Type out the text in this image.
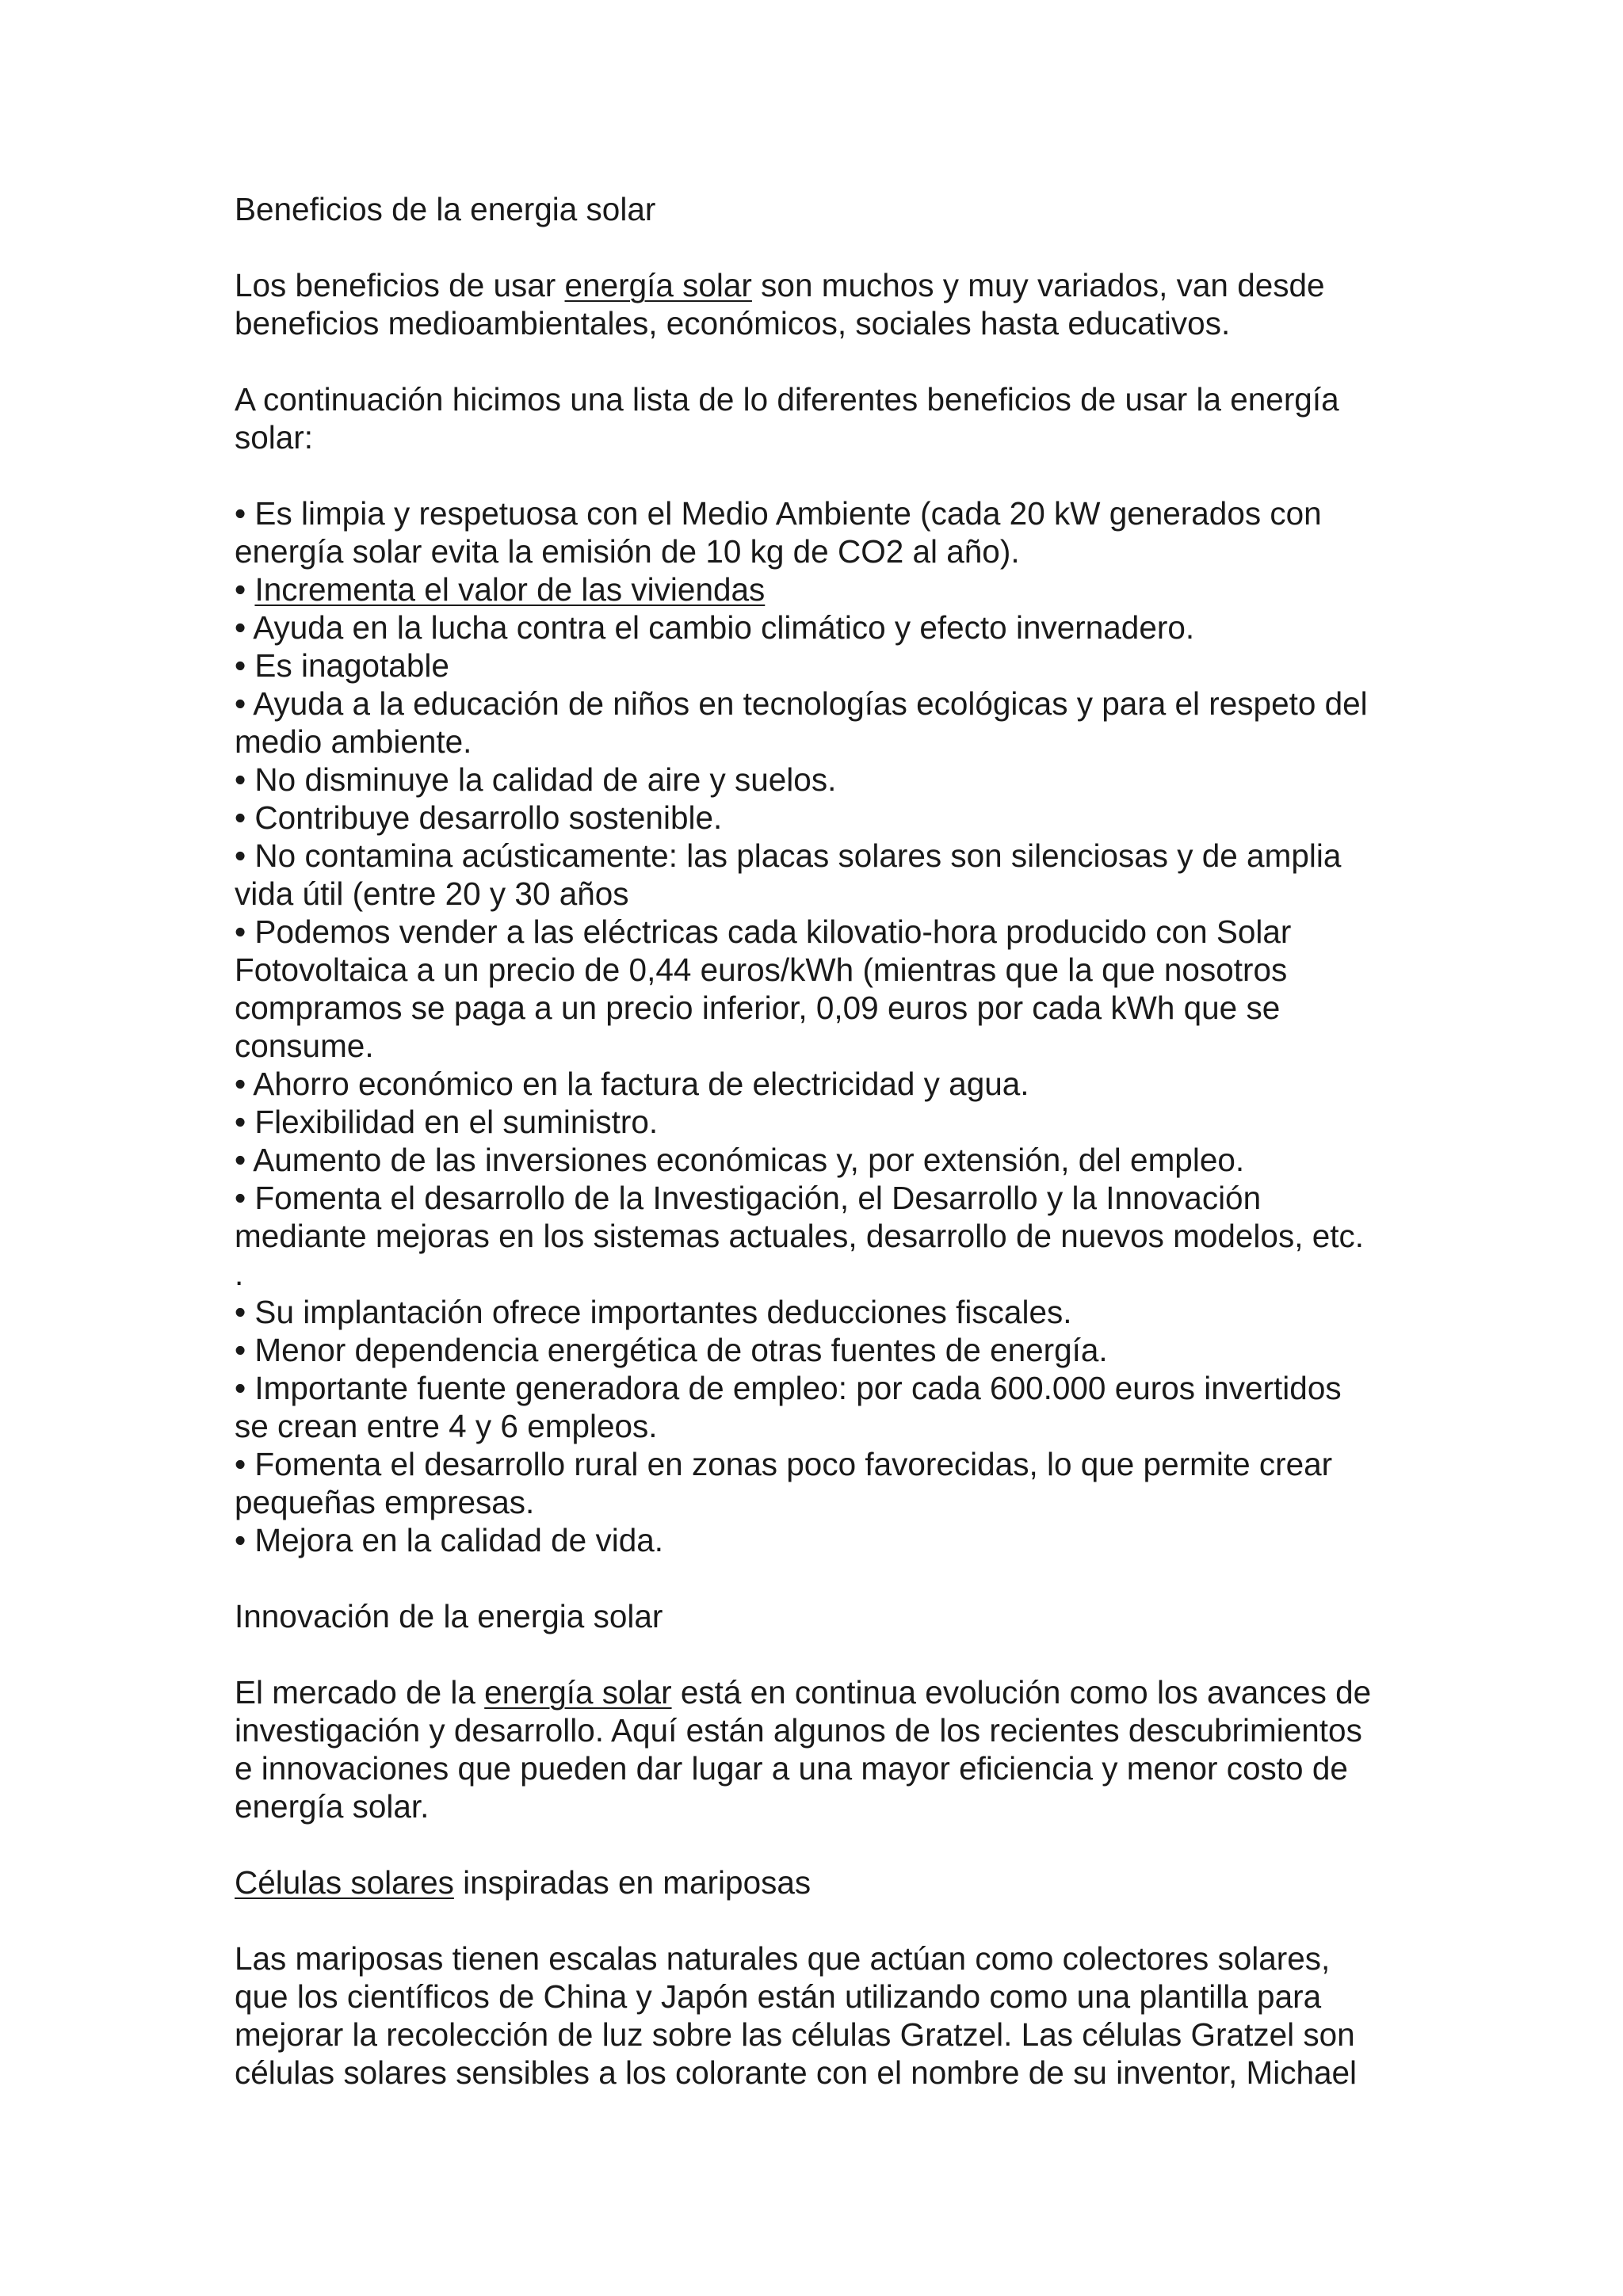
Beneficios de la energia solar
Los beneficios de usar energía solar son muchos y muy variados, van desde
beneficios medioambientales, económicos, sociales hasta educativos.
A continuación hicimos una lista de lo diferentes beneficios de usar la energía
solar:
• Es limpia y respetuosa con el Medio Ambiente (cada 20 kW generados con
energía solar evita la emisión de 10 kg de CO2 al año).
• Incrementa el valor de las viviendas
• Ayuda en la lucha contra el cambio climático y efecto invernadero.
• Es inagotable
• Ayuda a la educación de niños en tecnologías ecológicas y para el respeto del
medio ambiente.
• No disminuye la calidad de aire y suelos.
• Contribuye desarrollo sostenible.
• No contamina acústicamente: las placas solares son silenciosas y de amplia
vida útil (entre 20 y 30 años
• Podemos vender a las eléctricas cada kilovatio-hora producido con Solar
Fotovoltaica a un precio de 0,44 euros/kWh (mientras que la que nosotros
compramos se paga a un precio inferior, 0,09 euros por cada kWh que se
consume.
• Ahorro económico en la factura de electricidad y agua.
• Flexibilidad en el suministro.
• Aumento de las inversiones económicas y, por extensión, del empleo.
• Fomenta el desarrollo de la Investigación, el Desarrollo y la Innovación
mediante mejoras en los sistemas actuales, desarrollo de nuevos modelos, etc.
.
• Su implantación ofrece importantes deducciones fiscales.
• Menor dependencia energética de otras fuentes de energía.
• Importante fuente generadora de empleo: por cada 600.000 euros invertidos
se crean entre 4 y 6 empleos.
• Fomenta el desarrollo rural en zonas poco favorecidas, lo que permite crear
pequeñas empresas.
• Mejora en la calidad de vida.
Innovación de la energia solar
El mercado de la energía solar está en continua evolución como los avances de
investigación y desarrollo. Aquí están algunos de los recientes descubrimientos
e innovaciones que pueden dar lugar a una mayor eficiencia y menor costo de
energía solar.
Células solares inspiradas en mariposas
Las mariposas tienen escalas naturales que actúan como colectores solares,
que los científicos de China y Japón están utilizando como una plantilla para
mejorar la recolección de luz sobre las células Gratzel. Las células Gratzel son
células solares sensibles a los colorante con el nombre de su inventor, Michael
